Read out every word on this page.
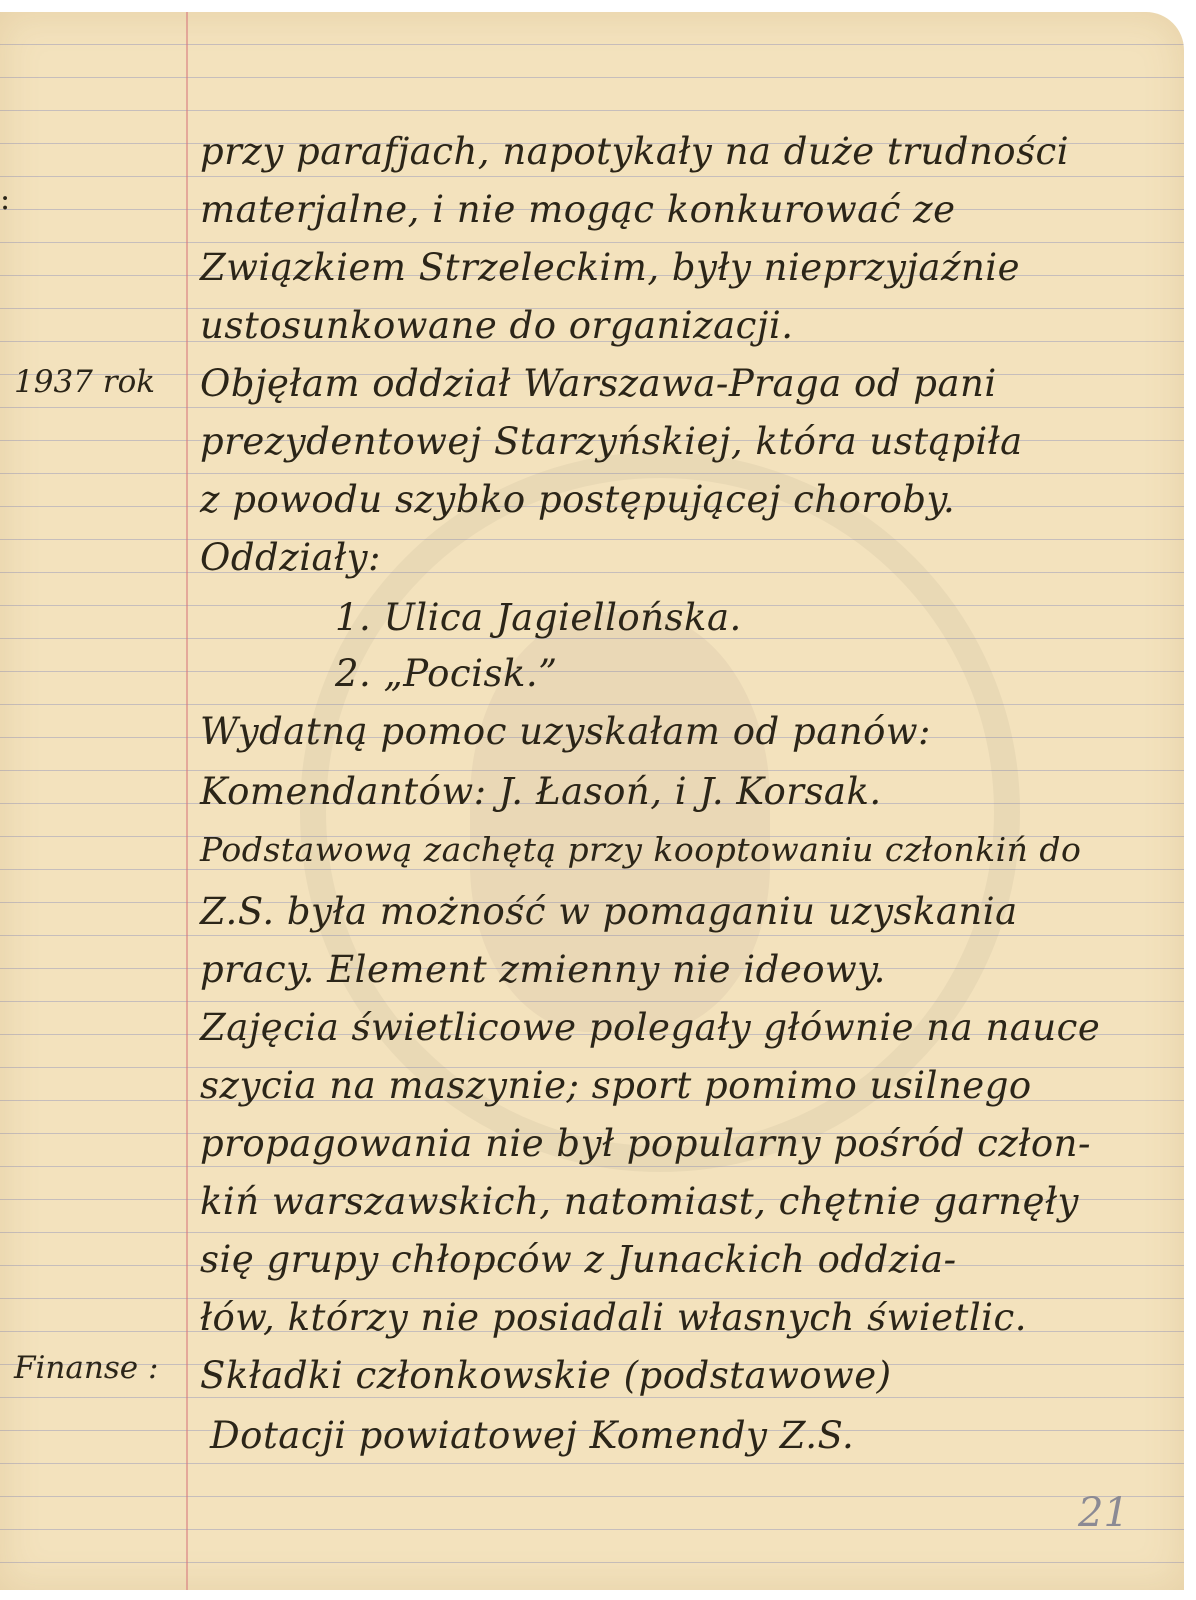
:
1937 rok
Finanse :
przy parafjach, napotykały na duże trudności
materjalne, i nie mogąc konkurować ze
Związkiem Strzeleckim, były nieprzyjaźnie
ustosunkowane do organizacji.
Objęłam oddział Warszawa-Praga od pani
prezydentowej Starzyńskiej, która ustąpiła
z powodu szybko postępującej choroby.
Oddziały:
1. Ulica Jagiellońska.
2. „Pocisk.”
Wydatną pomoc uzyskałam od panów:
Komendantów: J. Łasoń, i J. Korsak.
Podstawową zachętą przy kooptowaniu członkiń do
Z.S. była możność w pomaganiu uzyskania
pracy. Element zmienny nie ideowy.
Zajęcia świetlicowe polegały głównie na nauce
szycia na maszynie; sport pomimo usilnego
propagowania nie był popularny pośród człon-
kiń warszawskich, natomiast, chętnie garnęły
się grupy chłopców z Junackich oddzia-
łów, którzy nie posiadali własnych świetlic.
Składki członkowskie (podstawowe)
Dotacji powiatowej Komendy Z.S.
21
